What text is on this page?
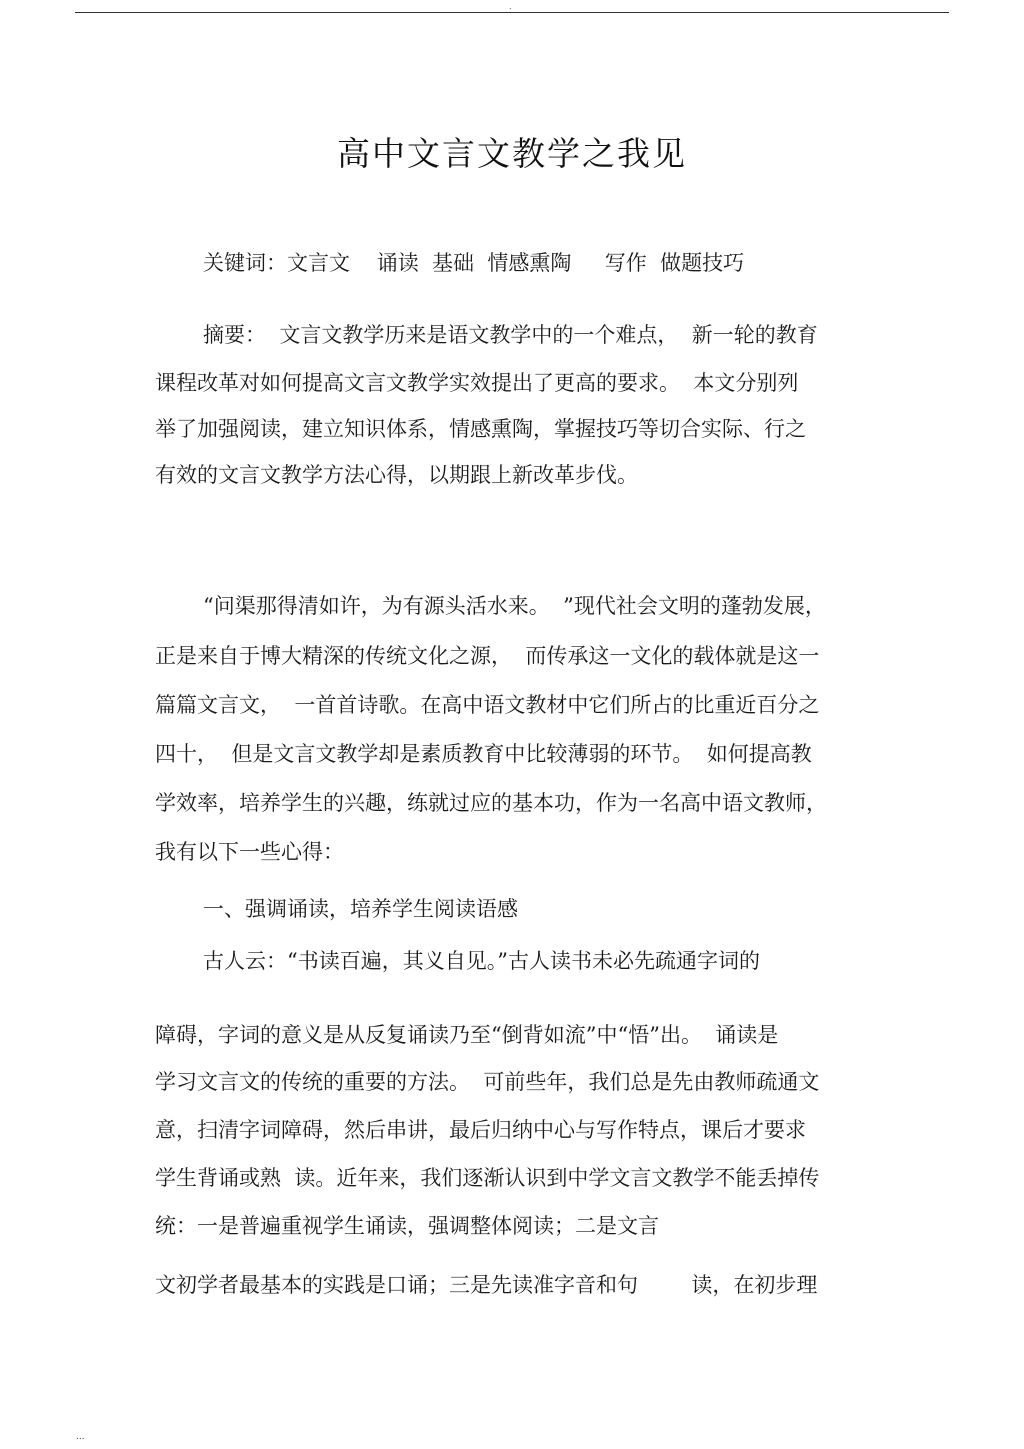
.
高中文言文教学之我见
关键词：文言文    诵读  基础  情感熏陶     写作  做题技巧
摘要：  文言文教学历来是语文教学中的一个难点，  新一轮的教育
课程改革对如何提高文言文教学实效提出了更高的要求。  本文分别列
举了加强阅读，建立知识体系，情感熏陶，掌握技巧等切合实际、行之
有效的文言文教学方法心得，以期跟上新改革步伐。
“问渠那得清如许，为有源头活水来。  ”现代社会文明的蓬勃发展，
正是来自于博大精深的传统文化之源，  而传承这一文化的载体就是这一
篇篇文言文，  一首首诗歌。在高中语文教材中它们所占的比重近百分之
四十，  但是文言文教学却是素质教育中比较薄弱的环节。  如何提高教
学效率，培养学生的兴趣，练就过应的基本功，作为一名高中语文教师，
我有以下一些心得：
一、强调诵读，培养学生阅读语感
古人云：“书读百遍，其义自见。”古人读书未必先疏通字词的
障碍，字词的意义是从反复诵读乃至“倒背如流”中“悟”出。  诵读是
学习文言文的传统的重要的方法。  可前些年，我们总是先由教师疏通文
意，扫清字词障碍，然后串讲，最后归纳中心与写作特点，课后才要求
学生背诵或熟  读。近年来，我们逐渐认识到中学文言文教学不能丢掉传
统：一是普遍重视学生诵读，强调整体阅读；二是文言
文初学者最基本的实践是口诵；三是先读准字音和句        读，在初步理
...
